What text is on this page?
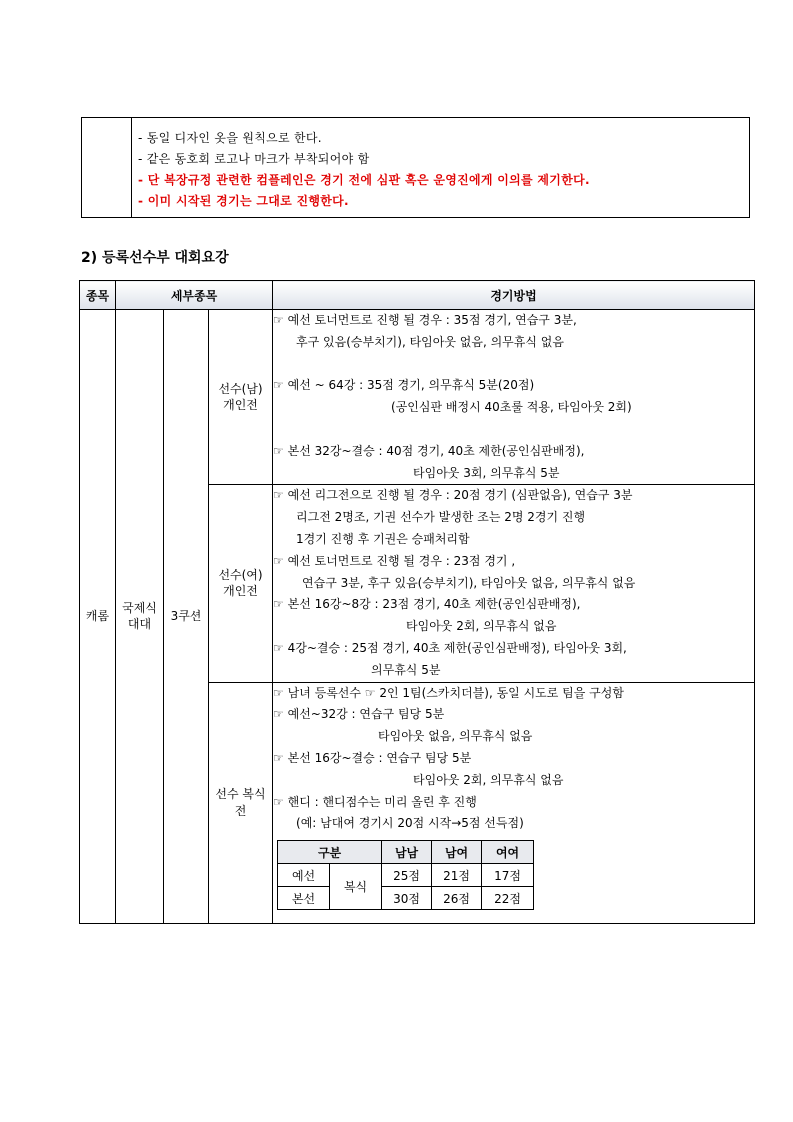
- 동일 디자인 옷을 원칙으로 한다.
- 같은 동호회 로고나 마크가 부착되어야 함
- 단 복장규정 관련한 컴플레인은 경기 전에 심판 혹은 운영진에게 이의를 제기한다.
- 이미 시작된 경기는 그대로 진행한다.
2) 등록선수부 대회요강
종목	세부종목	경기방법
캐롬	국제식 대대	3쿠션	선수(남) 개인전	
☞ 예선 토너먼트로 진행 될 경우 : 35점 경기, 연습구 3분,
후구 있음(승부치기), 타임아웃 없음, 의무휴식 없음
☞ 예선 ~ 64강 : 35점 경기, 의무휴식 5분(20점)
(공인심판 배정시 40초룰 적용, 타임아웃 2회)
☞ 본선 32강~결승 : 40점 경기, 40초 제한(공인심판배정),
타임아웃 3회, 의무휴식 5분

선수(여) 개인전	
☞ 예선 리그전으로 진행 될 경우 : 20점 경기 (심판없음), 연습구 3분
리그전 2명조, 기권 선수가 발생한 조는 2명 2경기 진행
1경기 진행 후 기권은 승패처리함
☞ 예선 토너먼트로 진행 될 경우 : 23점 경기 ,
연습구 3분, 후구 있음(승부치기), 타임아웃 없음, 의무휴식 없음
☞ 본선 16강~8강 : 23점 경기, 40초 제한(공인심판배정),
타임아웃 2회, 의무휴식 없음
☞ 4강~결승 : 25점 경기, 40초 제한(공인심판배정), 타임아웃 3회,
의무휴식 5분

선수 복식전	
☞ 남녀 등록선수 ☞ 2인 1팀(스카치더블), 동일 시도로 팀을 구성함
☞ 예선~32강 : 연습구 팀당 5분
타임아웃 없음, 의무휴식 없음
☞ 본선 16강~결승 : 연습구 팀당 5분
타임아웃 2회, 의무휴식 없음
☞ 핸디 : 핸디점수는 미리 올린 후 진행
(예: 남대여 경기시 20점 시작→5점 선득점)
구분	남남	남여	여여
예선	복식	25점	21점	17점
본선	30점	26점	22점
